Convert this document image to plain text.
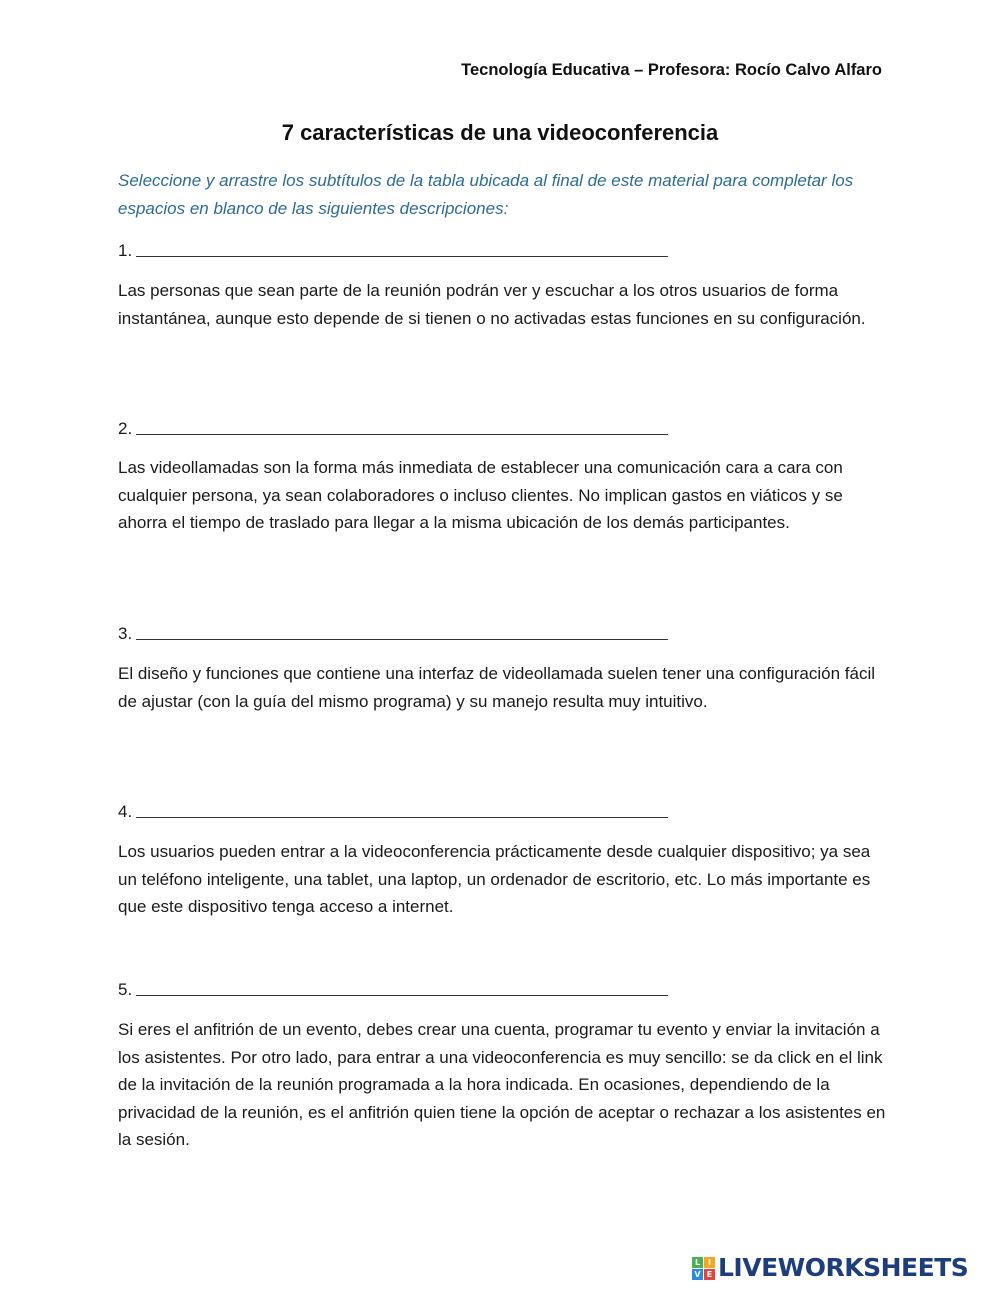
Tecnología Educativa – Profesora: Rocío Calvo Alfaro
7 características de una videoconferencia
Seleccione y arrastre los subtítulos de la tabla ubicada al final de este material para completar los espacios en blanco de las siguientes descripciones:
1.
Las personas que sean parte de la reunión podrán ver y escuchar a los otros usuarios de forma instantánea, aunque esto depende de si tienen o no activadas estas funciones en su configuración.
2.
Las videollamadas son la forma más inmediata de establecer una comunicación cara a cara con cualquier persona, ya sean colaboradores o incluso clientes. No implican gastos en viáticos y se ahorra el tiempo de traslado para llegar a la misma ubicación de los demás participantes.
3.
El diseño y funciones que contiene una interfaz de videollamada suelen tener una configuración fácil de ajustar (con la guía del mismo programa) y su manejo resulta muy intuitivo.
4.
Los usuarios pueden entrar a la videoconferencia prácticamente desde cualquier dispositivo; ya sea un teléfono inteligente, una tablet, una laptop, un ordenador de escritorio, etc. Lo más importante es que este dispositivo tenga acceso a internet.
5.
Si eres el anfitrión de un evento, debes crear una cuenta, programar tu evento y enviar la invitación a los asistentes. Por otro lado, para entrar a una videoconferencia es muy sencillo: se da click en el link de la invitación de la reunión programada a la hora indicada. En ocasiones, dependiendo de la privacidad de la reunión, es el anfitrión quien tiene la opción de aceptar o rechazar a los asistentes en la sesión.
L I
V E LIVEWORKSHEETS
